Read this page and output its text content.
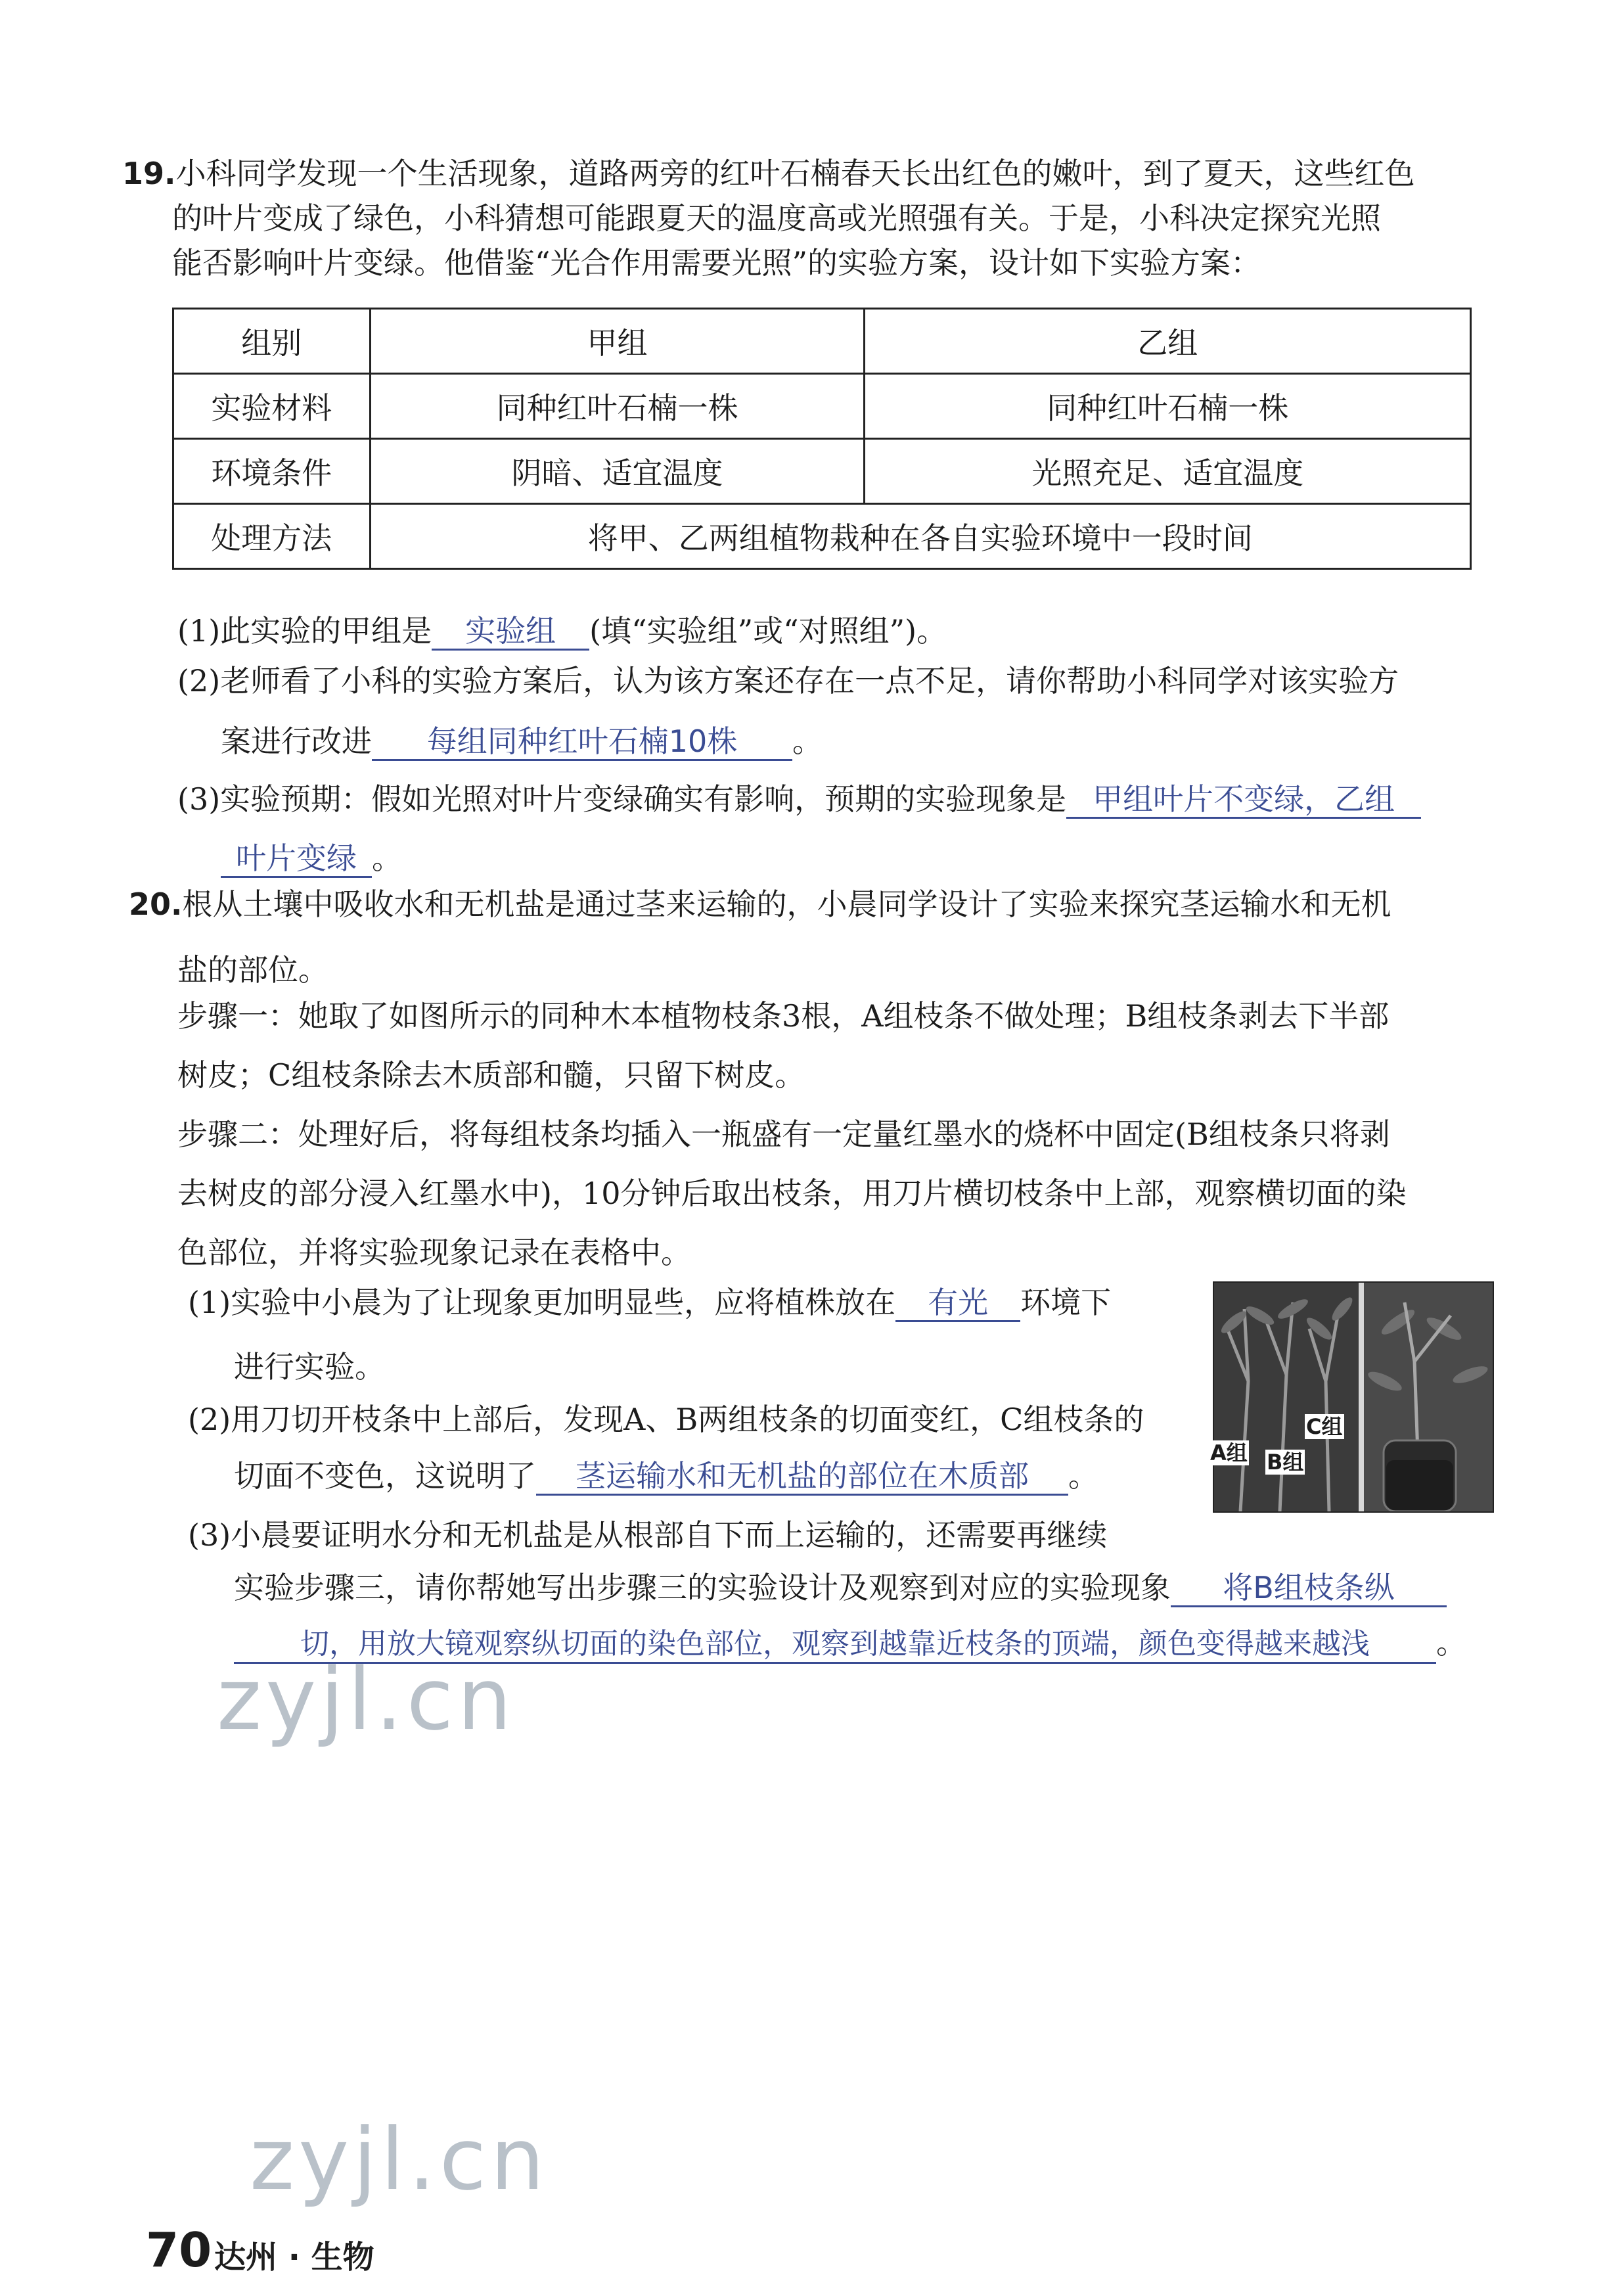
19.小科同学发现一个生活现象，道路两旁的红叶石楠春天长出红色的嫩叶，到了夏天，这些红色
的叶片变成了绿色，小科猜想可能跟夏天的温度高或光照强有关。于是，小科决定探究光照
能否影响叶片变绿。他借鉴“光合作用需要光照”的实验方案，设计如下实验方案：
组别	甲组	乙组
实验材料	同种红叶石楠一株	同种红叶石楠一株
环境条件	阴暗、适宜温度	光照充足、适宜温度
处理方法	将甲、乙两组植物栽种在各自实验环境中一段时间	
(1)此实验的甲组是 实验组 (填“实验组”或“对照组”)。
(2)老师看了小科的实验方案后，认为该方案还存在一点不足，请你帮助小科同学对该实验方
案进行改进 每组同种红叶石楠10株 。
(3)实验预期：假如光照对叶片变绿确实有影响，预期的实验现象是 甲组叶片不变绿，乙组
叶片变绿 。
20.根从土壤中吸收水和无机盐是通过茎来运输的，小晨同学设计了实验来探究茎运输水和无机
盐的部位。
步骤一：她取了如图所示的同种木本植物枝条3根，A组枝条不做处理；B组枝条剥去下半部
树皮；C组枝条除去木质部和髓，只留下树皮。
步骤二：处理好后，将每组枝条均插入一瓶盛有一定量红墨水的烧杯中固定(B组枝条只将剥
去树皮的部分浸入红墨水中)，10分钟后取出枝条，用刀片横切枝条中上部，观察横切面的染
色部位，并将实验现象记录在表格中。
(1)实验中小晨为了让现象更加明显些，应将植株放在 有光 环境下
进行实验。
(2)用刀切开枝条中上部后，发现A、B两组枝条的切面变红，C组枝条的
切面不变色，这说明了 茎运输水和无机盐的部位在木质部 。
A组 B组
C组
(3)小晨要证明水分和无机盐是从根部自下而上运输的，还需要再继续
实验步骤三，请你帮她写出步骤三的实验设计及观察到对应的实验现象 将B组枝条纵
切，用放大镜观察纵切面的染色部位，观察到越靠近枝条的顶端，颜色变得越来越浅 。
zyjl.cn
zyjl.cn
70 达州 · 生物
